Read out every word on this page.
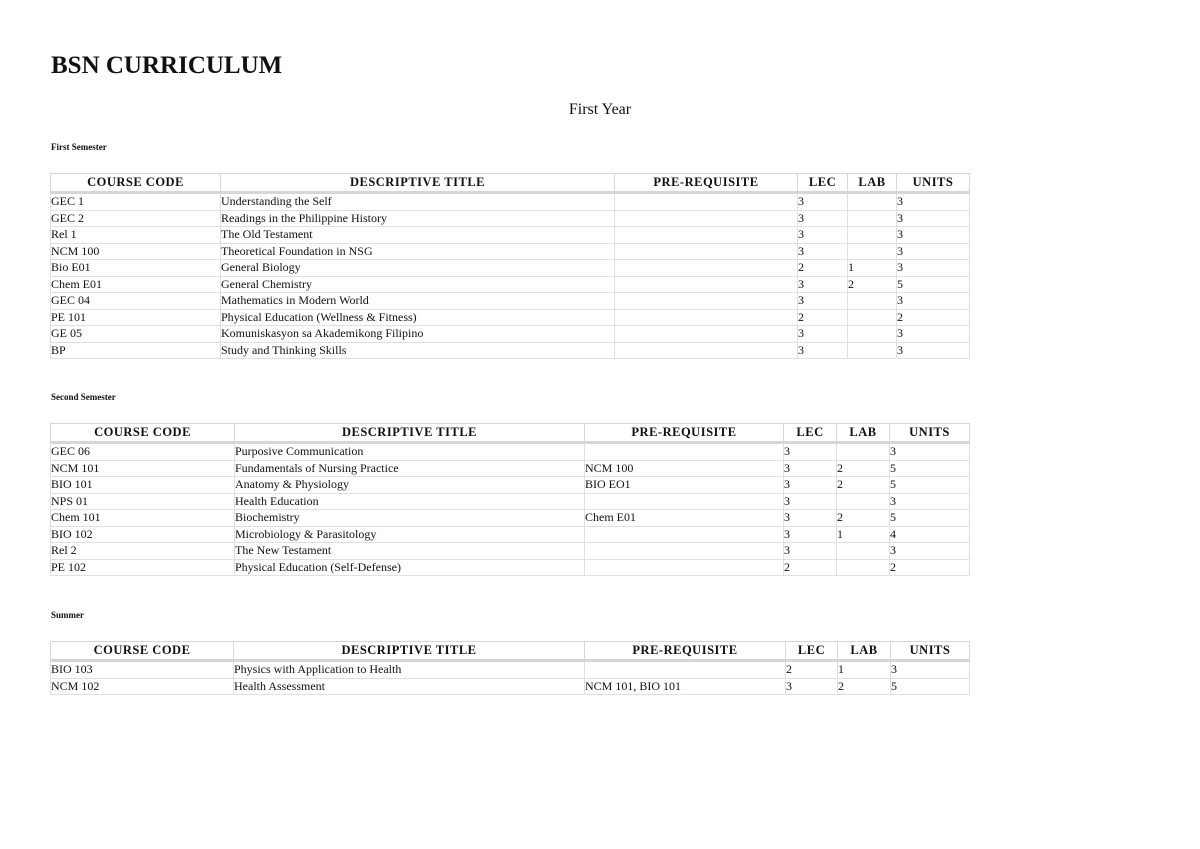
BSN CURRICULUM
First Year
First Semester
COURSE CODE	DESCRIPTIVE TITLE	PRE-REQUISITE	LEC	LAB	UNITS
GEC 1	Understanding the Self		3		3
GEC 2	Readings in the Philippine History		3		3
Rel 1	The Old Testament		3		3
NCM 100	Theoretical Foundation in NSG		3		3
Bio E01	General Biology		2	1	3
Chem E01	General Chemistry		3	2	5
GEC 04	Mathematics in Modern World		3		3
PE 101	Physical Education (Wellness & Fitness)		2		2
GE 05	Komuniskasyon sa Akademikong Filipino		3		3
BP	Study and Thinking Skills		3		3
Second Semester
COURSE CODE	DESCRIPTIVE TITLE	PRE-REQUISITE	LEC	LAB	UNITS
GEC 06	Purposive Communication		3		3
NCM 101	Fundamentals of Nursing Practice	NCM 100	3	2	5
BIO 101	Anatomy & Physiology	BIO EO1	3	2	5
NPS 01	Health Education		3		3
Chem 101	Biochemistry	Chem E01	3	2	5
BIO 102	Microbiology & Parasitology		3	1	4
Rel 2	The New Testament		3		3
PE 102	Physical Education (Self-Defense)		2		2
Summer
COURSE CODE	DESCRIPTIVE TITLE	PRE-REQUISITE	LEC	LAB	UNITS
BIO 103	Physics with Application to Health		2	1	3
NCM 102	Health Assessment	NCM 101, BIO 101	3	2	5
